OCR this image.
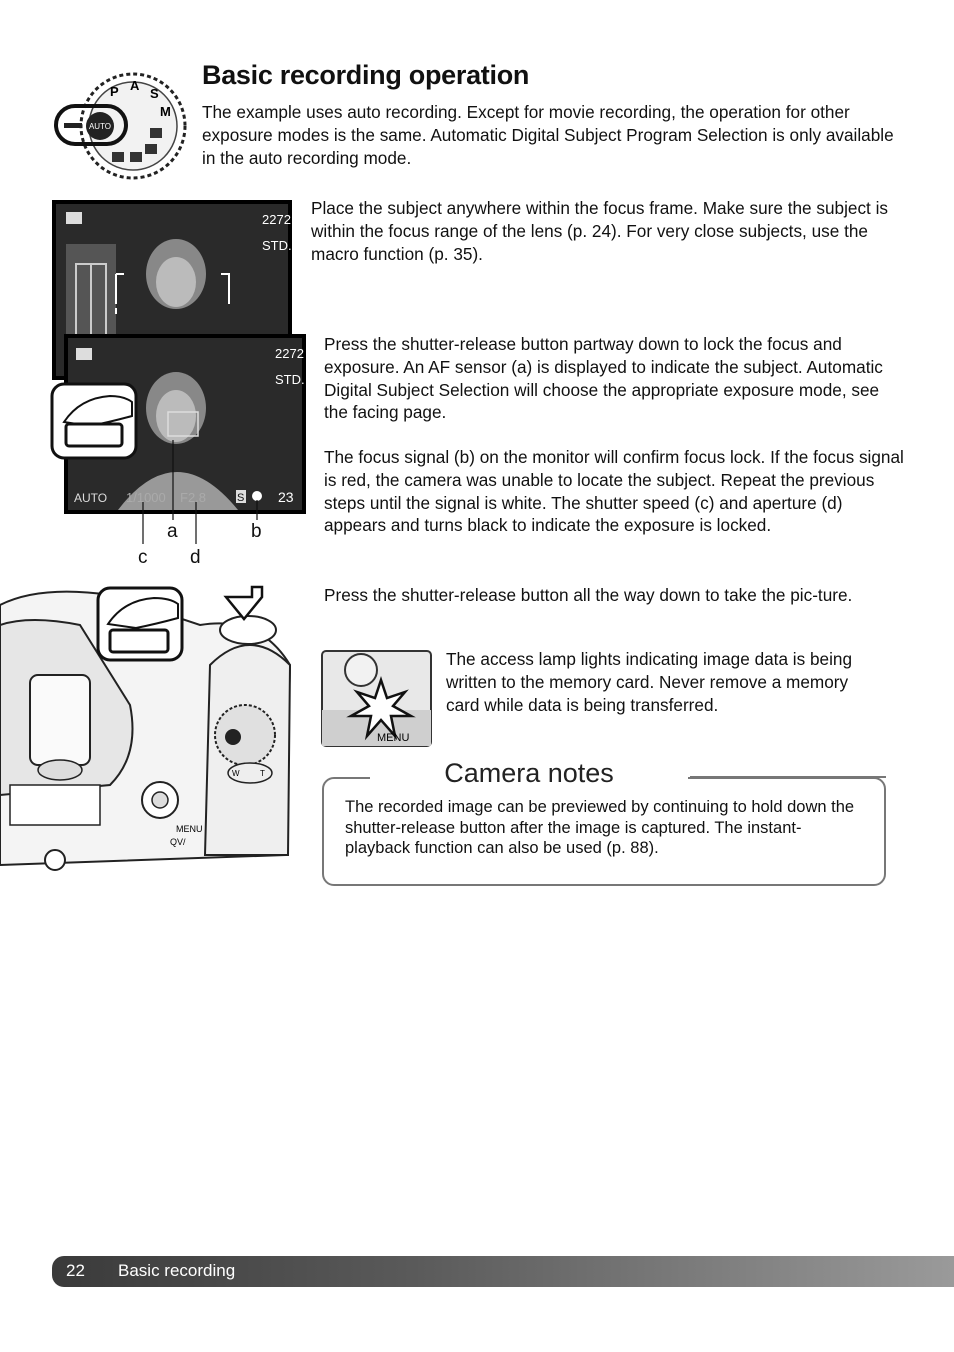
P A
S
M
AUTO
Basic recording operation
The example uses auto recording. Except for movie recording, the operation for other exposure modes is the same. Automatic Digital Subject Program Selection is only available in the auto recording mode.
2272
STD.
2272
STD.
AUTO 1/1000 F2.8	S 23
a	b
c d
Place the subject anywhere within the focus frame. Make sure the subject is within the focus range of the lens (p. 24). For very close subjects, use the macro function (p. 35).
Press the shutter-release button partway down to lock the focus and exposure. An AF sensor (a) is displayed to indicate the subject. Automatic Digital Subject Selection will choose the appropriate exposure mode, see the facing page.
The focus signal (b) on the monitor will confirm focus lock. If the focus signal is red, the camera was unable to locate the subject. Repeat the previous steps until the signal is white. The shutter speed (c) and aperture (d) appears and turns black to indicate the exposure is locked.
Press the shutter-release button all the way down to take the pic-ture.
W	T
MENU
QV/
MENU
The access lamp lights indicating image data is being written to the memory card. Never remove a memory card while data is being transferred.
Camera notes
The recorded image can be previewed by continuing to hold down the shutter-release button after the image is captured. The instant-playback function can also be used (p. 88).
22 Basic recording
